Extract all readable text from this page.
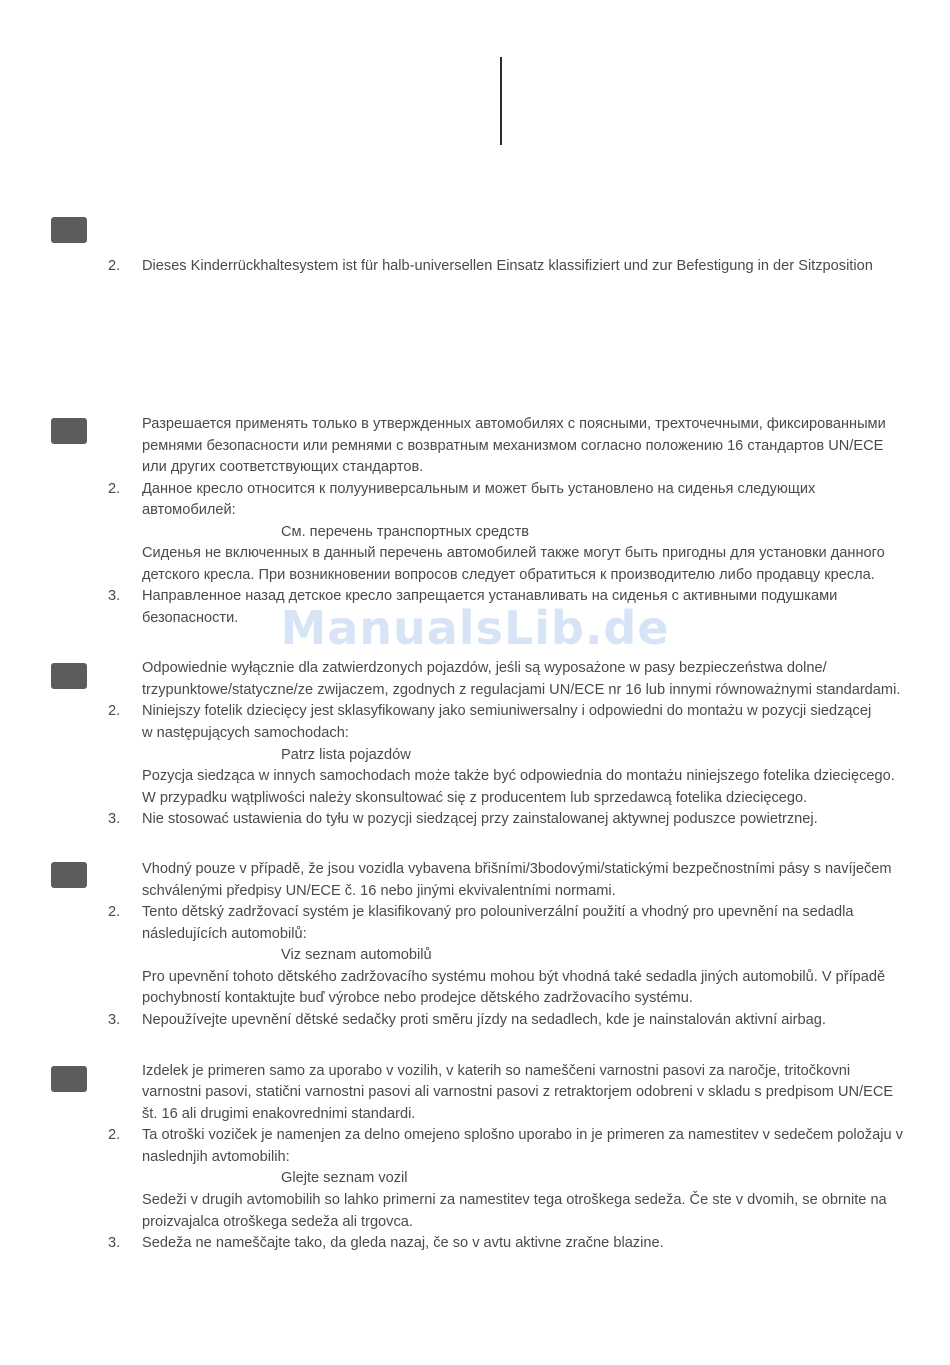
2. Dieses Kinderrückhaltesystem ist für halb-universellen Einsatz klassifiziert und zur Befestigung in der Sitzposition
Разрешается применять только в утвержденных автомобилях с поясными, трехточечными, фиксированными
ремнями безопасности или ремнями с возвратным механизмом согласно положению 16 стандартов UN/ECE
или других соответствующих стандартов.
2. Данное кресло относится к полууниверсальным и может быть установлено на сиденья следующих
автомобилей:
См. перечень транспортных средств
Сиденья не включенных в данный перечень автомобилей также могут быть пригодны для установки данного
детского кресла. При возникновении вопросов следует обратиться к производителю либо продавцу кресла.
3. Направленное назад детское кресло запрещается устанавливать на сиденья с активными подушками
безопасности.
Odpowiednie wyłącznie dla zatwierdzonych pojazdów, jeśli są wyposażone w pasy bezpieczeństwa dolne/
trzypunktowe/statyczne/ze zwijaczem, zgodnych z regulacjami UN/ECE nr 16 lub innymi równoważnymi standardami.
2. Niniejszy fotelik dziecięcy jest sklasyfikowany jako semiuniwersalny i odpowiedni do montażu w pozycji siedzącej
w następujących samochodach:
Patrz lista pojazdów
Pozycja siedząca w innych samochodach może także być odpowiednia do montażu niniejszego fotelika dziecięcego.
W przypadku wątpliwości należy skonsultować się z producentem lub sprzedawcą fotelika dziecięcego.
3. Nie stosować ustawienia do tyłu w pozycji siedzącej przy zainstalowanej aktywnej poduszce powietrznej.
Vhodný pouze v případě, že jsou vozidla vybavena břišními/3bodovými/statickými bezpečnostními pásy s navíječem
schválenými předpisy UN/ECE č. 16 nebo jinými ekvivalentními normami.
2. Tento dětský zadržovací systém je klasifikovaný pro polouniverzální použití a vhodný pro upevnění na sedadla
následujících automobilů:
Viz seznam automobilů
Pro upevnění tohoto dětského zadržovacího systému mohou být vhodná také sedadla jiných automobilů. V případě
pochybností kontaktujte buď výrobce nebo prodejce dětského zadržovacího systému.
3. Nepoužívejte upevnění dětské sedačky proti směru jízdy na sedadlech, kde je nainstalován aktivní airbag.
Izdelek je primeren samo za uporabo v vozilih, v katerih so nameščeni varnostni pasovi za naročje, tritočkovni
varnostni pasovi, statični varnostni pasovi ali varnostni pasovi z retraktorjem odobreni v skladu s predpisom UN/ECE
št. 16 ali drugimi enakovrednimi standardi.
2. Ta otroški voziček je namenjen za delno omejeno splošno uporabo in je primeren za namestitev v sedečem položaju v
naslednjih avtomobilih:
Glejte seznam vozil
Sedeži v drugih avtomobilih so lahko primerni za namestitev tega otroškega sedeža. Če ste v dvomih, se obrnite na
proizvajalca otroškega sedeža ali trgovca.
3. Sedeža ne nameščajte tako, da gleda nazaj, če so v avtu aktivne zračne blazine.
ManualsLib.de
